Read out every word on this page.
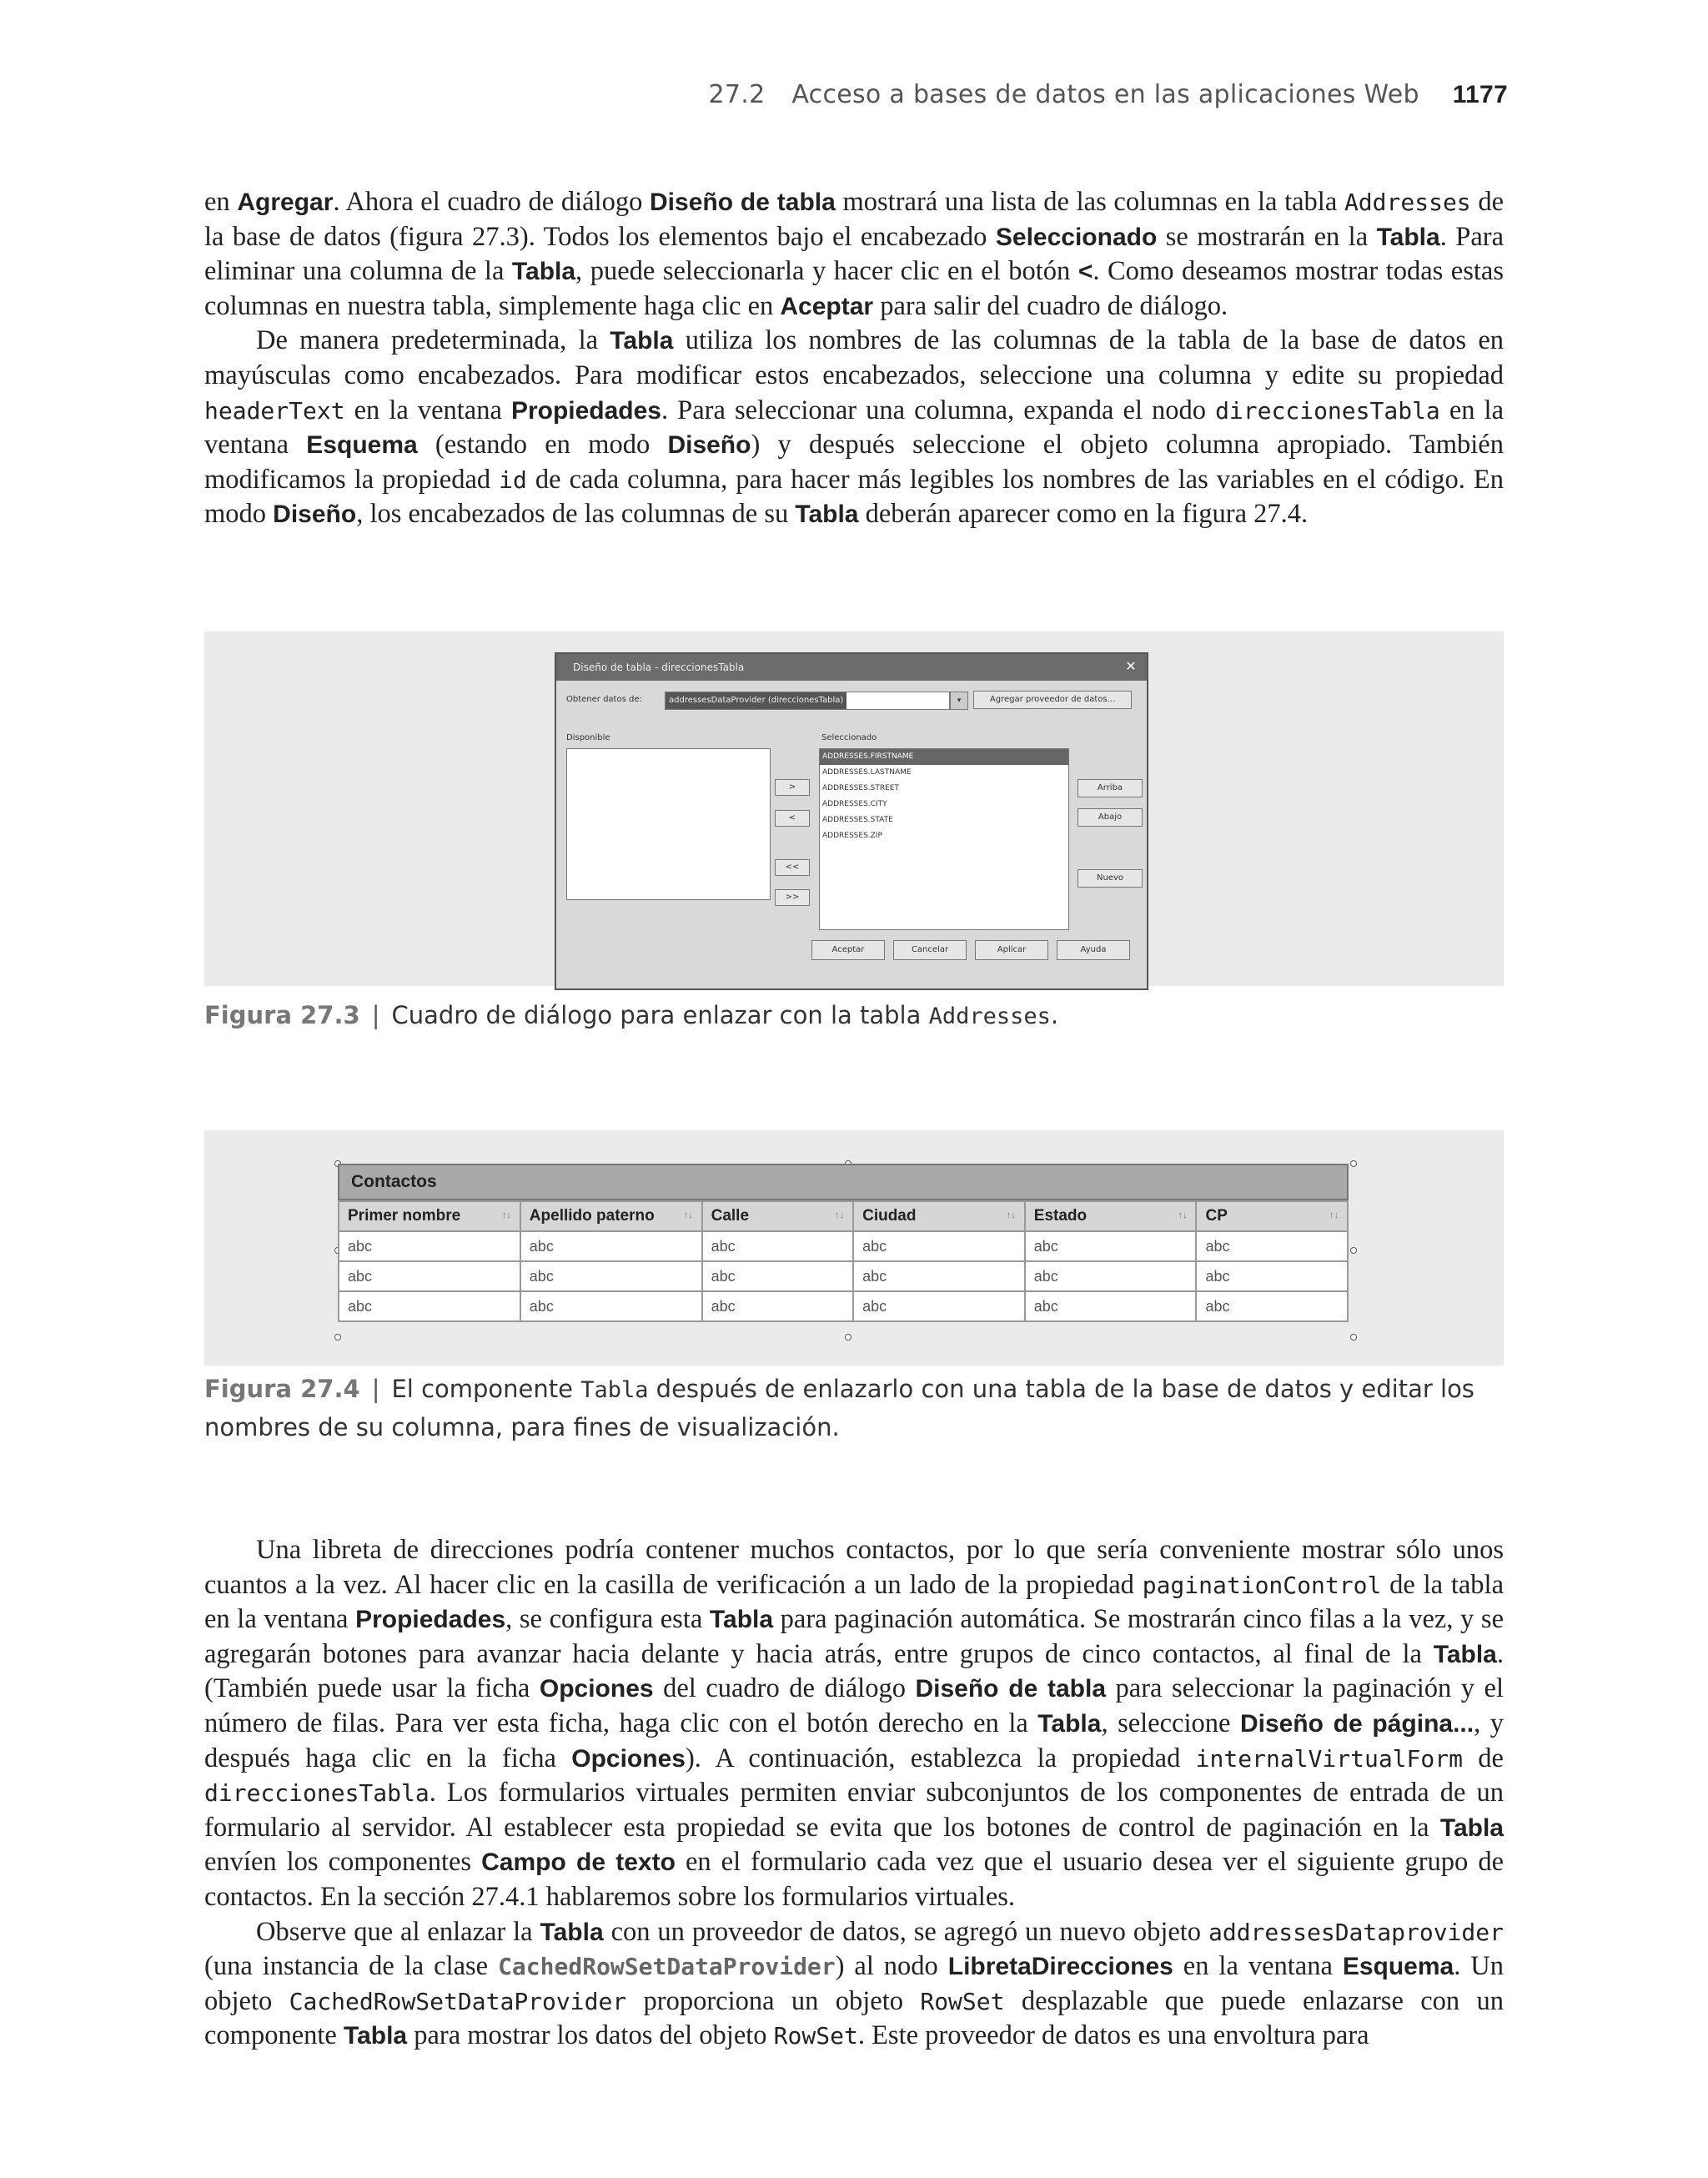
27.2 Acceso a bases de datos en las aplicaciones Web 1177

en Agregar. Ahora el cuadro de diálogo Diseño de tabla mostrará una lista de las columnas en la tabla Addresses de la base de datos (figura 27.3). Todos los elementos bajo el encabezado Seleccionado se mostrarán en la Tabla. Para eliminar una columna de la Tabla, puede seleccionarla y hacer clic en el botón <. Como deseamos mostrar todas estas columnas en nuestra tabla, simplemente haga clic en Aceptar para salir del cuadro de diálogo.

De manera predeterminada, la Tabla utiliza los nombres de las columnas de la tabla de la base de datos en mayúsculas como encabezados. Para modificar estos encabezados, seleccione una columna y edite su propiedad headerText en la ventana Propiedades. Para seleccionar una columna, expanda el nodo direccionesTabla en la ventana Esquema (estando en modo Diseño) y después seleccione el objeto columna apropiado. También modificamos la propiedad id de cada columna, para hacer más legibles los nombres de las variables en el código. En modo Diseño, los encabezados de las columnas de su Tabla deberán aparecer como en la figura 27.4.

Diseño de tabla - direccionesTabla	✕
Obtener datos de:	addressesDataProvider (direccionesTabla)	▾	Agregar proveedor de datos...
Disponible	Seleccionado
>
<
<<
>>
ADDRESSES.FIRSTNAME
ADDRESSES.LASTNAME
ADDRESSES.STREET
ADDRESSES.CITY
ADDRESSES.STATE
ADDRESSES.ZIP
Arriba
Abajo
Nuevo
Aceptar	Cancelar	Aplicar	Ayuda
Figura 27.3 | Cuadro de diálogo para enlazar con la tabla Addresses.
Contactos
Primer nombre ↑↓	Apellido paterno ↑↓	Calle ↑↓	Ciudad ↑↓	Estado ↑↓	CP ↑↓

abc	abc	abc	abc	abc	abc
abc	abc	abc	abc	abc	abc
abc	abc	abc	abc	abc	abc
Figura 27.4 | El componente Tabla después de enlazarlo con una tabla de la base de datos y editar los nombres de su columna, para fines de visualización.

Una libreta de direcciones podría contener muchos contactos, por lo que sería conveniente mostrar sólo unos cuantos a la vez. Al hacer clic en la casilla de verificación a un lado de la propiedad paginationControl de la tabla en la ventana Propiedades, se configura esta Tabla para paginación automática. Se mostrarán cinco filas a la vez, y se agregarán botones para avanzar hacia delante y hacia atrás, entre grupos de cinco contactos, al final de la Tabla. (También puede usar la ficha Opciones del cuadro de diálogo Diseño de tabla para seleccionar la paginación y el número de filas. Para ver esta ficha, haga clic con el botón derecho en la Tabla, seleccione Diseño de página..., y después haga clic en la ficha Opciones). A continuación, establezca la propiedad internalVirtualForm de direccionesTabla. Los formularios virtuales permiten enviar subconjuntos de los componentes de entrada de un formulario al servidor. Al establecer esta propiedad se evita que los botones de control de paginación en la Tabla envíen los componentes Campo de texto en el formulario cada vez que el usuario desea ver el siguiente grupo de contactos. En la sección 27.4.1 hablaremos sobre los formularios virtuales.

Observe que al enlazar la Tabla con un proveedor de datos, se agregó un nuevo objeto addressesDataprovider (una instancia de la clase CachedRowSetDataProvider) al nodo LibretaDirecciones en la ventana Esquema. Un objeto CachedRowSetDataProvider proporciona un objeto RowSet desplazable que puede enlazarse con un componente Tabla para mostrar los datos del objeto RowSet. Este proveedor de datos es una envoltura para
